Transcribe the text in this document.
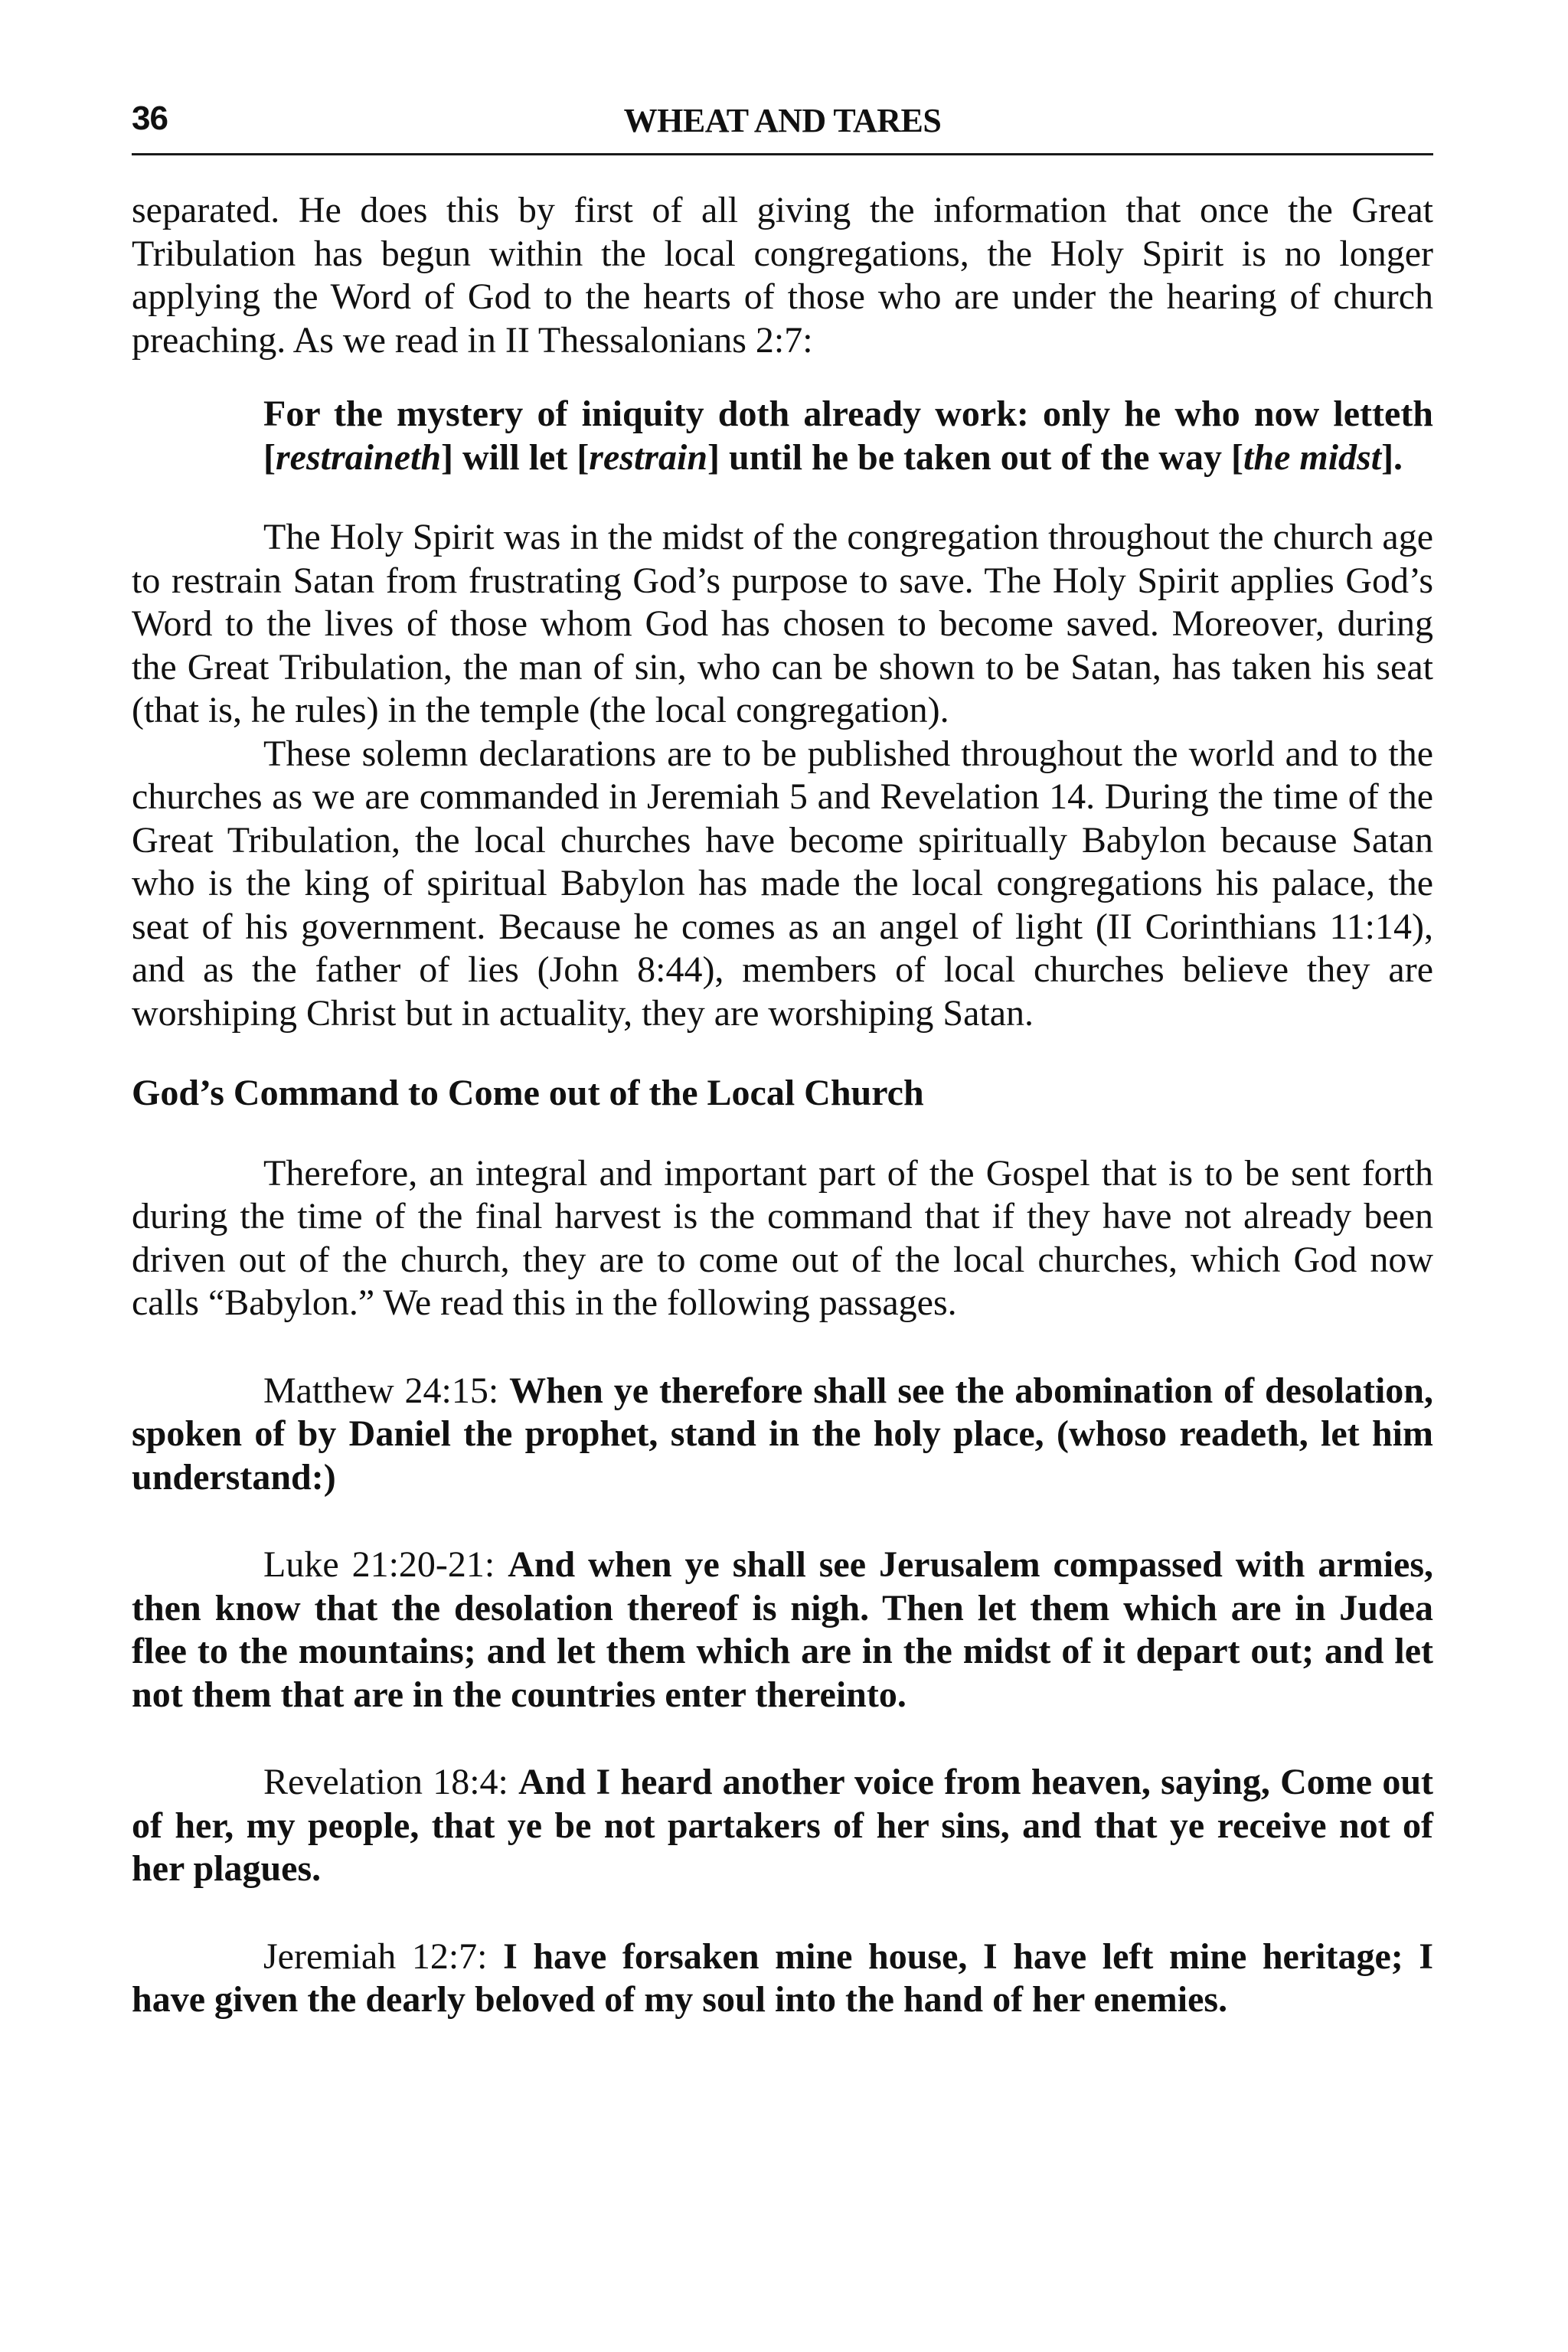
36	WHEAT AND TARES

separated. He does this by first of all giving the information that once the Great Tribulation has begun within the local congregations, the Holy Spirit is no longer applying the Word of God to the hearts of those who are under the hearing of church preaching. As we read in II Thessalonians 2:7:

For the mystery of iniquity doth already work: only he who now letteth [restraineth] will let [restrain] until he be taken out of the way [the midst].

The Holy Spirit was in the midst of the congregation throughout the church age to restrain Satan from frustrating God’s purpose to save. The Holy Spirit applies God’s Word to the lives of those whom God has chosen to become saved. Moreover, during the Great Tribulation, the man of sin, who can be shown to be Satan, has taken his seat (that is, he rules) in the temple (the local congregation).

These solemn declarations are to be published throughout the world and to the churches as we are commanded in Jeremiah 5 and Revelation 14. During the time of the Great Tribulation, the local churches have become spiritually Babylon because Satan who is the king of spiritual Babylon has made the local congregations his palace, the seat of his government. Because he comes as an angel of light (II Corinthians 11:14), and as the father of lies (John 8:44), members of local churches believe they are worshiping Christ but in actuality, they are worshiping Satan.

God’s Command to Come out of the Local Church

Therefore, an integral and important part of the Gospel that is to be sent forth during the time of the final harvest is the command that if they have not already been driven out of the church, they are to come out of the local churches, which God now calls “Babylon.” We read this in the following passages.

Matthew 24:15: When ye therefore shall see the abomination of desolation, spoken of by Daniel the prophet, stand in the holy place, (whoso readeth, let him understand:)

Luke 21:20-21: And when ye shall see Jerusalem compassed with armies, then know that the desolation thereof is nigh. Then let them which are in Judea flee to the mountains; and let them which are in the midst of it depart out; and let not them that are in the countries enter thereinto.

Revelation 18:4: And I heard another voice from heaven, saying, Come out of her, my people, that ye be not partakers of her sins, and that ye receive not of her plagues.

Jeremiah 12:7: I have forsaken mine house, I have left mine heritage; I have given the dearly beloved of my soul into the hand of her enemies.
